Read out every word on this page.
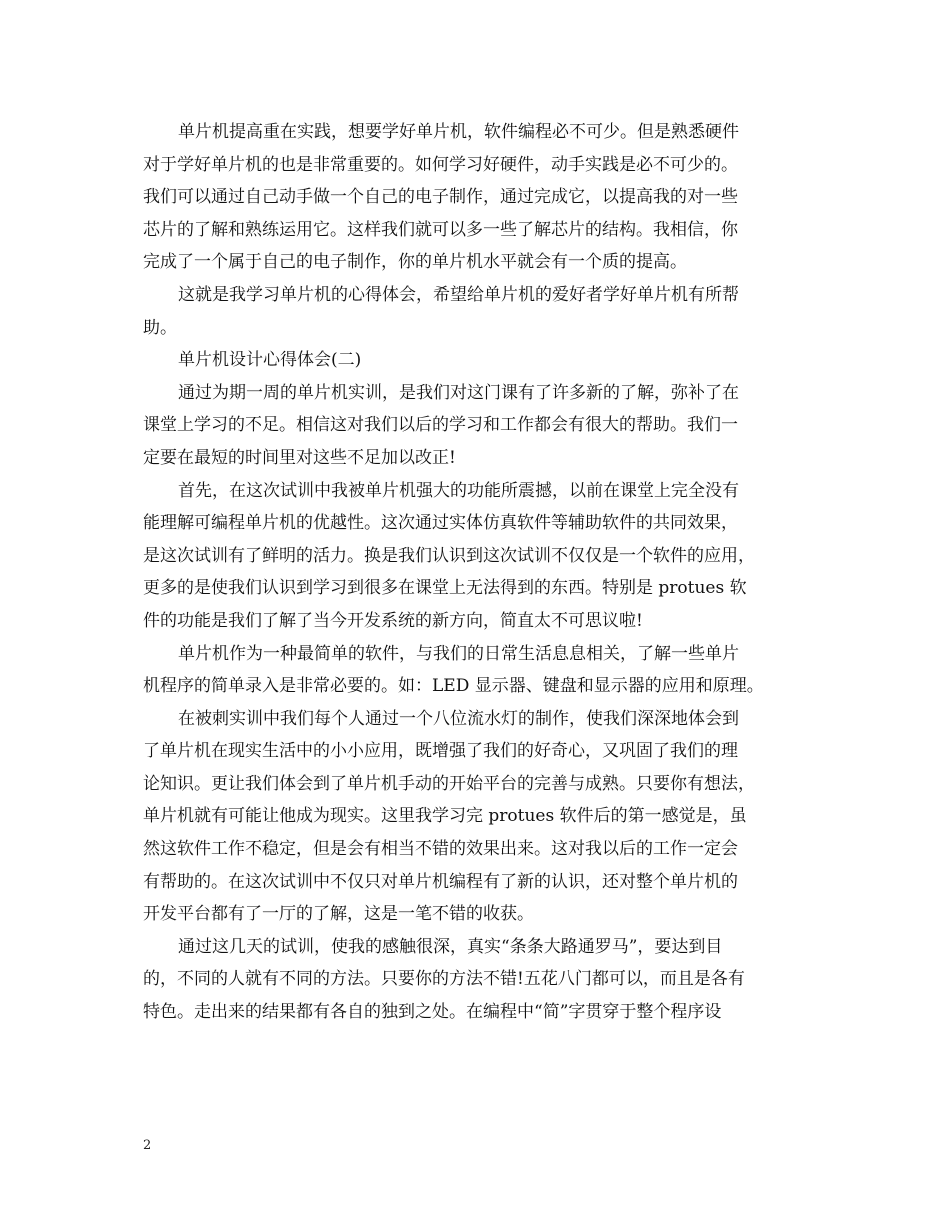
单片机提高重在实践，想要学好单片机，软件编程必不可少。但是熟悉硬件
对于学好单片机的也是非常重要的。如何学习好硬件，动手实践是必不可少的。
我们可以通过自己动手做一个自己的电子制作，通过完成它，以提高我的对一些
芯片的了解和熟练运用它。这样我们就可以多一些了解芯片的结构。我相信，你
完成了一个属于自己的电子制作，你的单片机水平就会有一个质的提高。
这就是我学习单片机的心得体会，希望给单片机的爱好者学好单片机有所帮
助。
单片机设计心得体会(二)
通过为期一周的单片机实训，是我们对这门课有了许多新的了解，弥补了在
课堂上学习的不足。相信这对我们以后的学习和工作都会有很大的帮助。我们一
定要在最短的时间里对这些不足加以改正!
首先，在这次试训中我被单片机强大的功能所震撼，以前在课堂上完全没有
能理解可编程单片机的优越性。这次通过实体仿真软件等辅助软件的共同效果，
是这次试训有了鲜明的活力。换是我们认识到这次试训不仅仅是一个软件的应用，
更多的是使我们认识到学习到很多在课堂上无法得到的东西。特别是 protues 软
件的功能是我们了解了当今开发系统的新方向，简直太不可思议啦!
单片机作为一种最简单的软件，与我们的日常生活息息相关，了解一些单片
机程序的简单录入是非常必要的。如：LED 显示器、键盘和显示器的应用和原理。
在被刺实训中我们每个人通过一个八位流水灯的制作，使我们深深地体会到
了单片机在现实生活中的小小应用，既增强了我们的好奇心，又巩固了我们的理
论知识。更让我们体会到了单片机手动的开始平台的完善与成熟。只要你有想法，
单片机就有可能让他成为现实。这里我学习完 protues 软件后的第一感觉是，虽
然这软件工作不稳定，但是会有相当不错的效果出来。这对我以后的工作一定会
有帮助的。在这次试训中不仅只对单片机编程有了新的认识，还对整个单片机的
开发平台都有了一厅的了解，这是一笔不错的收获。
通过这几天的试训，使我的感触很深，真实“条条大路通罗马”，要达到目
的，不同的人就有不同的方法。只要你的方法不错!五花八门都可以，而且是各有
特色。走出来的结果都有各自的独到之处。在编程中“简”字贯穿于整个程序设
2
